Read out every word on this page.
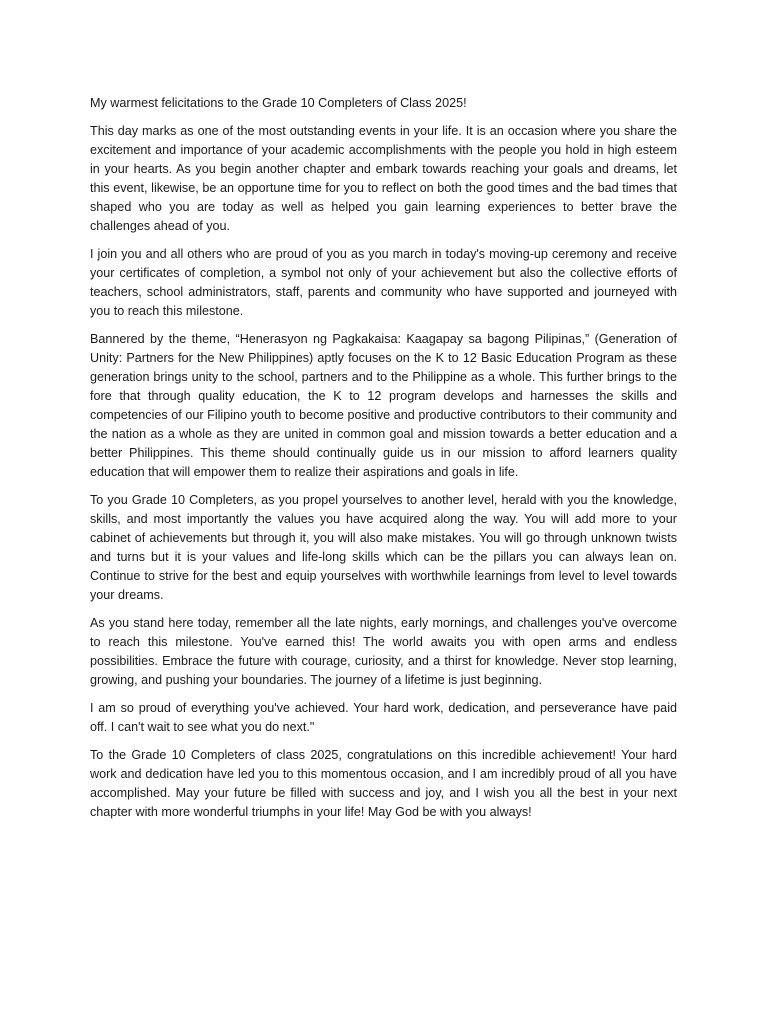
My warmest felicitations to the Grade 10 Completers of Class 2025!

This day marks as one of the most outstanding events in your life. It is an occasion where you share the excitement and importance of your academic accomplishments with the people you hold in high esteem in your hearts. As you begin another chapter and embark towards reaching your goals and dreams, let this event, likewise, be an opportune time for you to reflect on both the good times and the bad times that shaped who you are today as well as helped you gain learning experiences to better brave the challenges ahead of you.

I join you and all others who are proud of you as you march in today's moving-up ceremony and receive your certificates of completion, a symbol not only of your achievement but also the collective efforts of teachers, school administrators, staff, parents and community who have supported and journeyed with you to reach this milestone.

Bannered by the theme, “Henerasyon ng Pagkakaisa: Kaagapay sa bagong Pilipinas,” (Generation of Unity: Partners for the New Philippines) aptly focuses on the K to 12 Basic Education Program as these generation brings unity to the school, partners and to the Philippine as a whole. This further brings to the fore that through quality education, the K to 12 program develops and harnesses the skills and competencies of our Filipino youth to become positive and productive contributors to their community and the nation as a whole as they are united in common goal and mission towards a better education and a better Philippines. This theme should continually guide us in our mission to afford learners quality education that will empower them to realize their aspirations and goals in life.

To you Grade 10 Completers, as you propel yourselves to another level, herald with you the knowledge, skills, and most importantly the values you have acquired along the way. You will add more to your cabinet of achievements but through it, you will also make mistakes. You will go through unknown twists and turns but it is your values and life-long skills which can be the pillars you can always lean on. Continue to strive for the best and equip yourselves with worthwhile learnings from level to level towards your dreams.

As you stand here today, remember all the late nights, early mornings, and challenges you've overcome to reach this milestone. You've earned this! The world awaits you with open arms and endless possibilities. Embrace the future with courage, curiosity, and a thirst for knowledge. Never stop learning, growing, and pushing your boundaries. The journey of a lifetime is just beginning.

I am so proud of everything you've achieved. Your hard work, dedication, and perseverance have paid off. I can't wait to see what you do next."

To the Grade 10 Completers of class 2025, congratulations on this incredible achievement! Your hard work and dedication have led you to this momentous occasion, and I am incredibly proud of all you have accomplished. May your future be filled with success and joy, and I wish you all the best in your next chapter with more wonderful triumphs in your life! May God be with you always!
